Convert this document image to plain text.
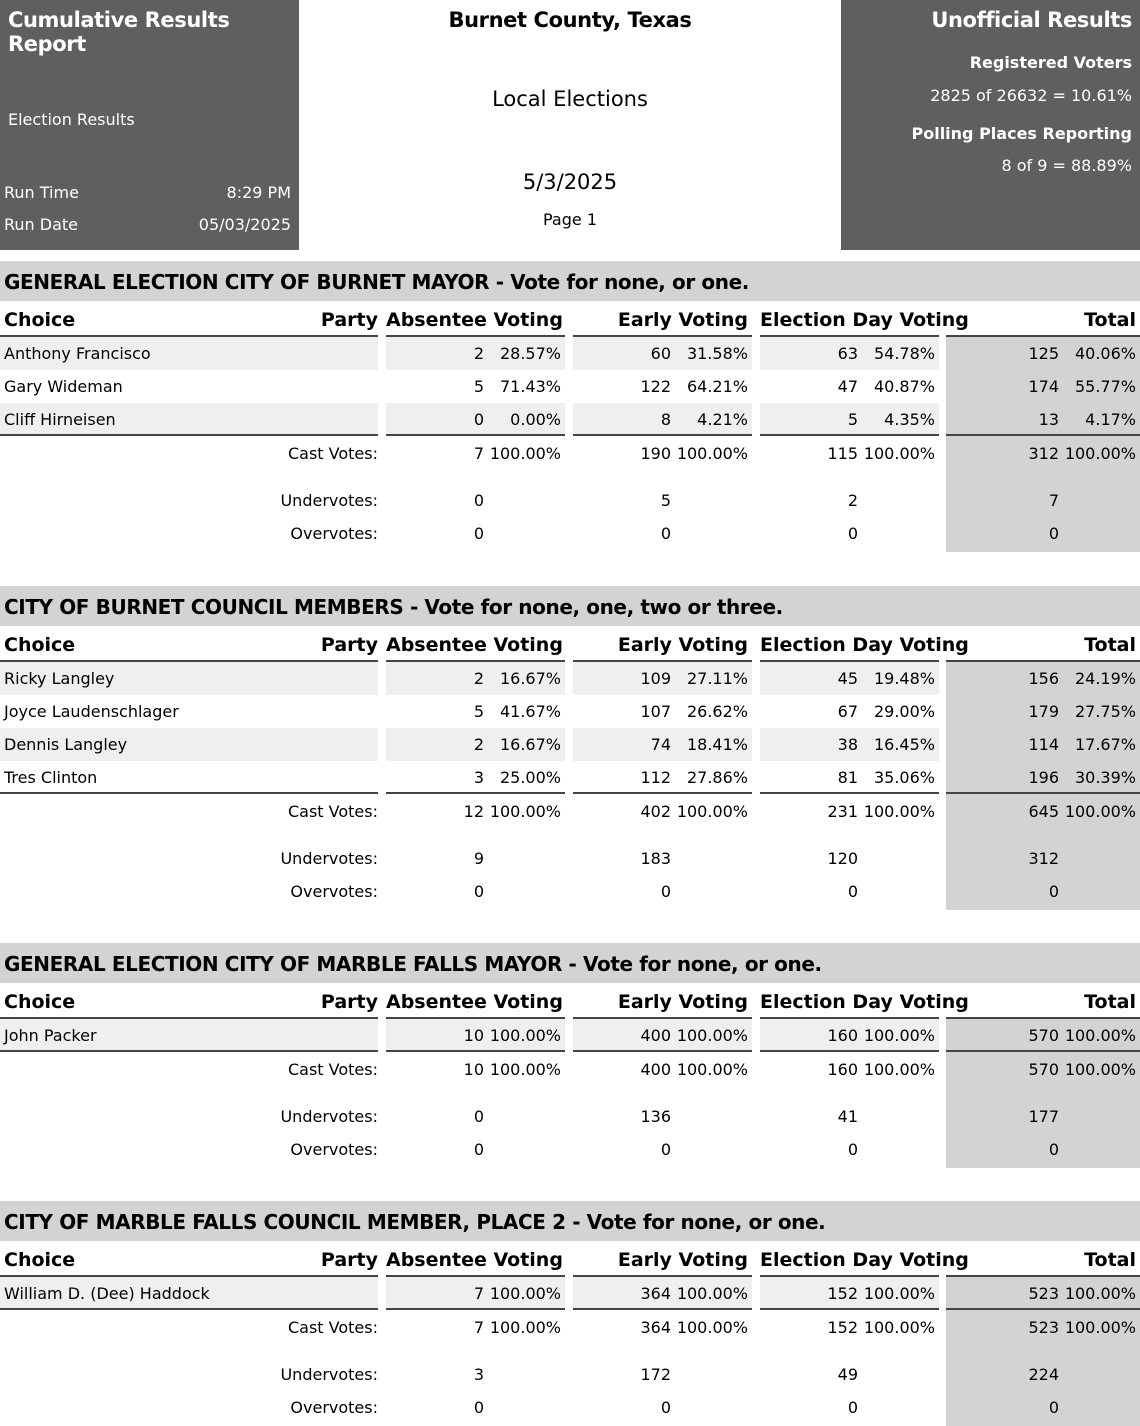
Cumulative Results Report
Election Results
Run Time	8:29 PM
Run Date	05/03/2025
Burnet County, Texas
Local Elections
5/3/2025
Page 1
Unofficial Results
Registered Voters
2825 of 26632 = 10.61%
Polling Places Reporting
8 of 9 = 88.89%
GENERAL ELECTION CITY OF BURNET MAYOR - Vote for none, or one.
Choice	Party Absentee Voting	Early Voting Election Day Voting	Total
Anthony Francisco	2 28.57%	60 31.58%	63 54.78%	125 40.06%
Gary Wideman	5 71.43%	122 64.21%	47 40.87%	174 55.77%
Cliff Hirneisen	0	0.00%	8	4.21%	5	4.35%	13	4.17%
Cast Votes:	7 100.00%	190 100.00%	115 100.00%	312 100.00%
Undervotes:	0	5	2	7
Overvotes:	0	0	0	0
CITY OF BURNET COUNCIL MEMBERS - Vote for none, one, two or three.
Choice	Party Absentee Voting	Early Voting Election Day Voting	Total
Ricky Langley	2 16.67%	109 27.11%	45 19.48%	156 24.19%
Joyce Laudenschlager	5 41.67%	107 26.62%	67 29.00%	179 27.75%
Dennis Langley	2 16.67%	74 18.41%	38 16.45%	114 17.67%
Tres Clinton	3 25.00%	112 27.86%	81 35.06%	196 30.39%
Cast Votes:	12 100.00%	402 100.00%	231 100.00%	645 100.00%
Undervotes:	9	183	120	312
Overvotes:	0	0	0	0
GENERAL ELECTION CITY OF MARBLE FALLS MAYOR - Vote for none, or one.
Choice	Party Absentee Voting	Early Voting Election Day Voting	Total
John Packer	10 100.00%	400 100.00%	160 100.00%	570 100.00%
Cast Votes:	10 100.00%	400 100.00%	160 100.00%	570 100.00%
Undervotes:	0	136	41	177
Overvotes:	0	0	0	0
CITY OF MARBLE FALLS COUNCIL MEMBER, PLACE 2 - Vote for none, or one.
Choice	Party Absentee Voting	Early Voting Election Day Voting	Total
William D. (Dee) Haddock	7 100.00%	364 100.00%	152 100.00%	523 100.00%
Cast Votes:	7 100.00%	364 100.00%	152 100.00%	523 100.00%
Undervotes:	3	172	49	224
Overvotes:	0	0	0	0
